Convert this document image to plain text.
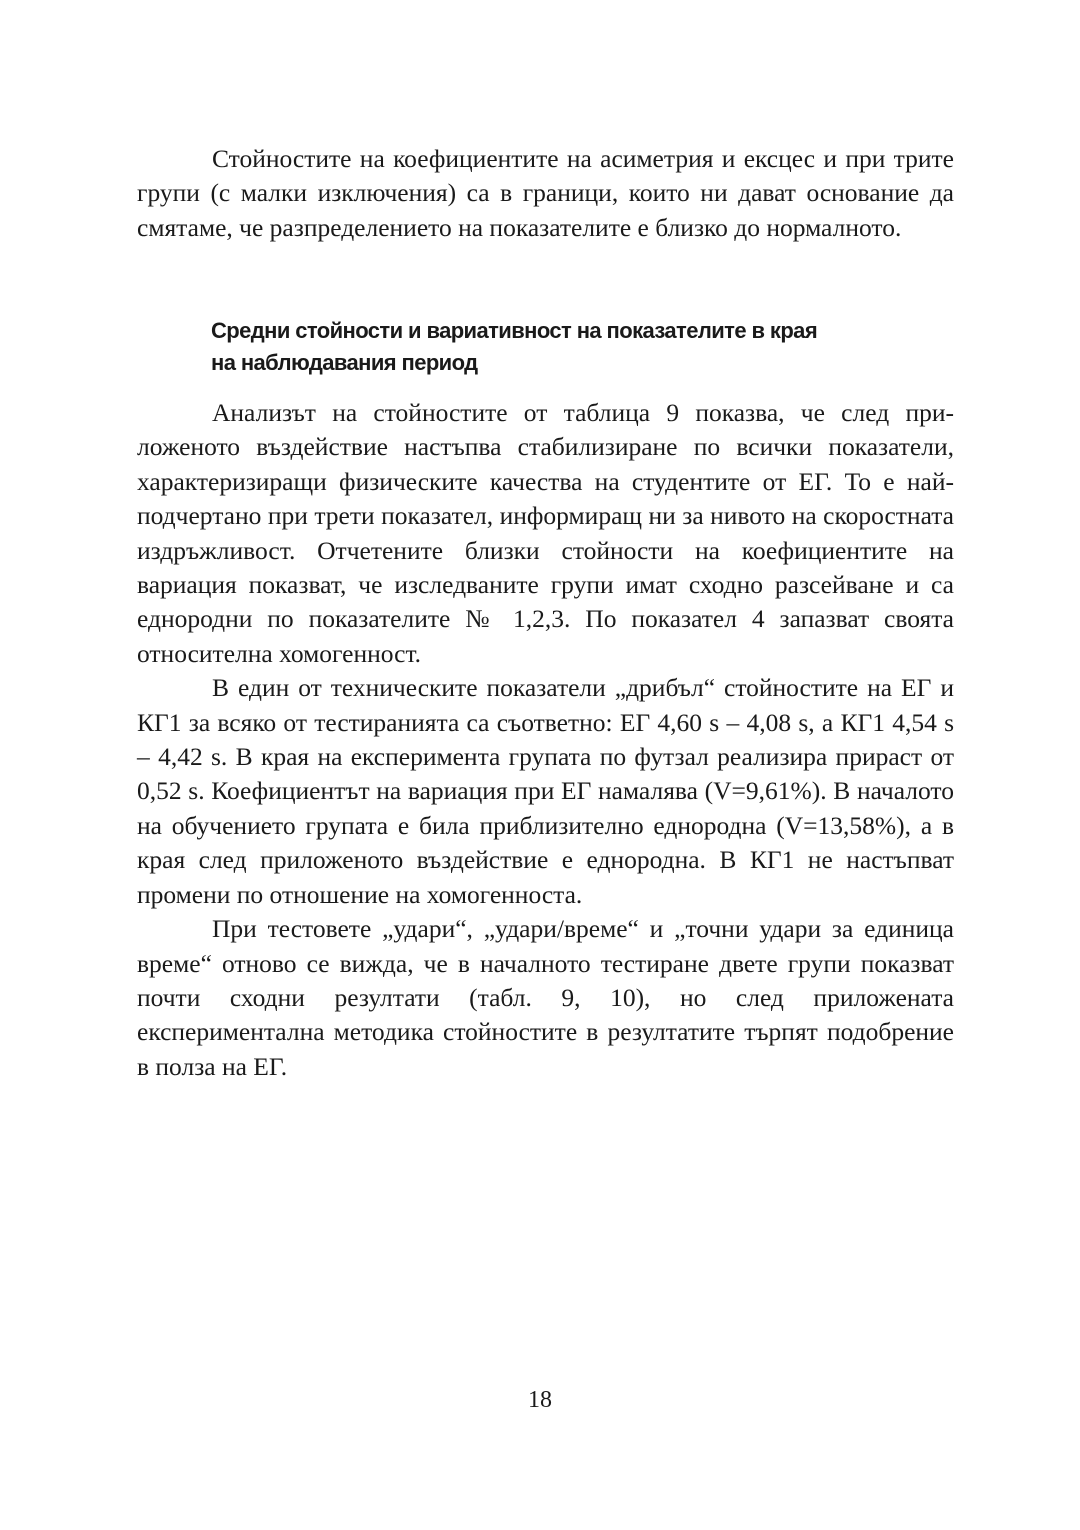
Стойностите на коефициентите на асиметрия и ексцес и при трите групи (с малки изключения) са в граници, които ни дават основание да смятаме, че разпределението на показателите е близко до нормалното.

Средни стойности и вариативност на показателите в края
на наблюдавания период

Анализът на стойностите от таблица 9 показва, че след приложеното въздействие настъпва стабилизиране по всички показатели, характеризиращи физическите качества на студентите от ЕГ. То е най- подчертано при трети показател, информиращ ни за нивото на скоростната издръжливост. Отчетените близки стойности на коефициентите на вариация показват, че изследваните групи имат сходно разсейване и са еднородни по показателите № 1,2,3. По показател 4 запазват своята относителна хомогенност.

В един от техническите показатели „дрибъл“ стойностите на ЕГ и КГ1 за всяко от тестиранията са съответно: ЕГ 4,60 s – 4,08 s, а КГ1 4,54 s – 4,42 s. В края на експеримента групата по футзал реализира прираст от 0,52 s. Коефициентът на вариация при ЕГ намалява (V=9,61%). В началото на обучението групата е била приблизително еднородна (V=13,58%), а в края след приложеното въздействие е еднородна. В КГ1 не настъпват промени по отношение на хомогенноста.

При тестовете „удари“, „удари/време“ и „точни удари за единица време“ отново се вижда, че в началното тестиране двете групи показват почти сходни резултати (табл. 9, 10), но след приложената експериментална методика стойностите в резултатите търпят подобрение в полза на ЕГ.

18
